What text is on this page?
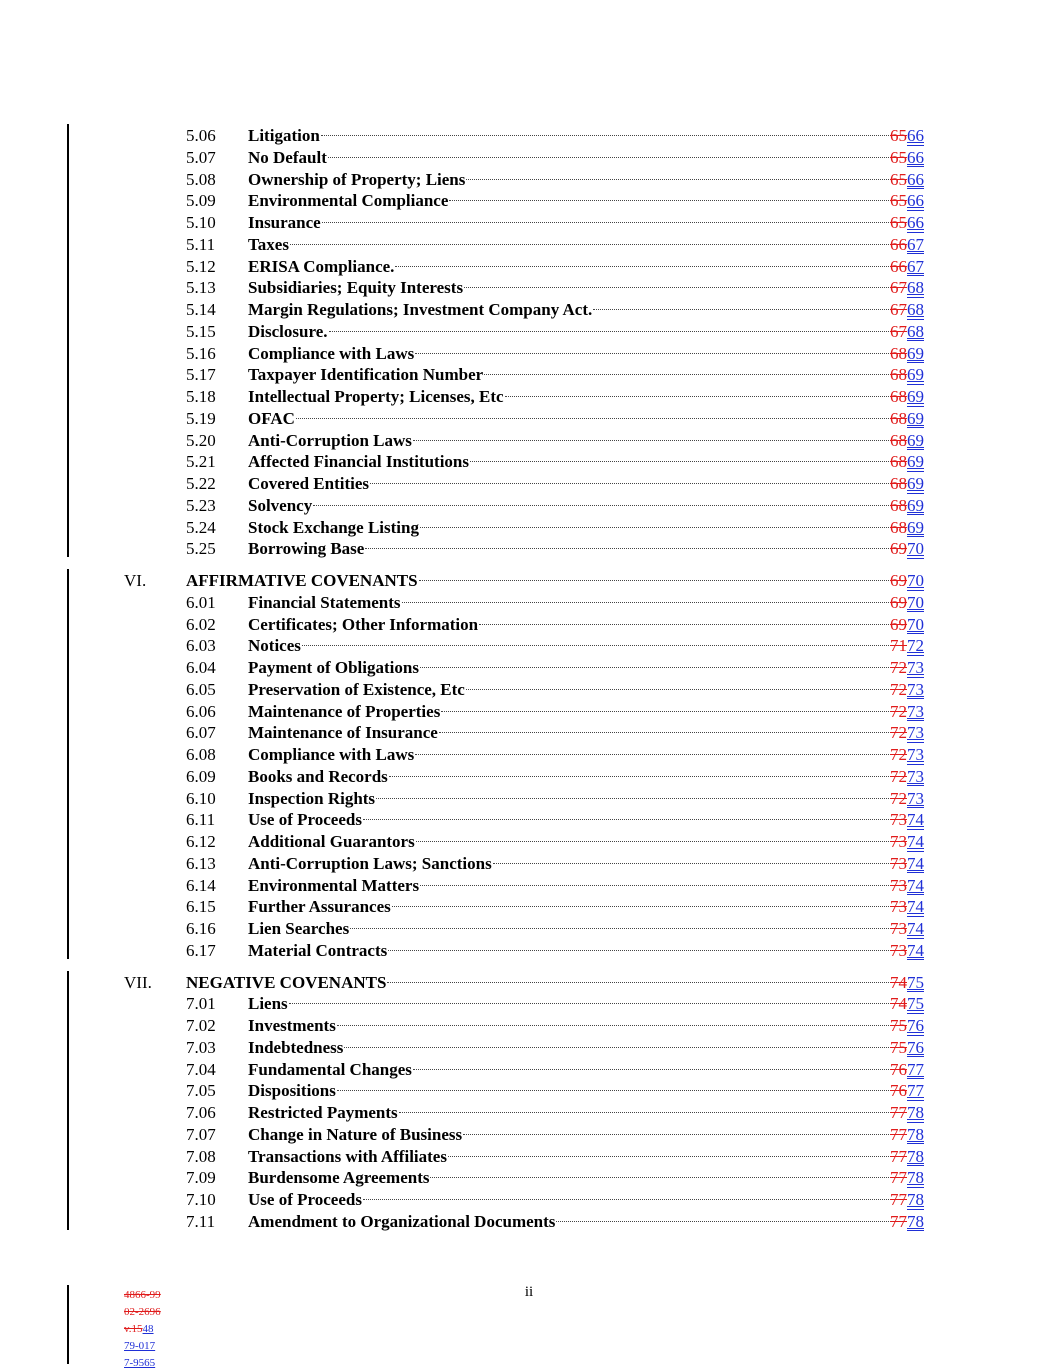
5.06 Litigation	6566
5.07 No Default	6566
5.08 Ownership of Property; Liens	6566
5.09 Environmental Compliance	6566
5.10 Insurance	6566
5.11 Taxes	6667
5.12 ERISA Compliance.	6667
5.13 Subsidiaries; Equity Interests	6768
5.14 Margin Regulations; Investment Company Act.	6768
5.15 Disclosure.	6768
5.16 Compliance with Laws	6869
5.17 Taxpayer Identification Number	6869
5.18 Intellectual Property; Licenses, Etc	6869
5.19 OFAC	6869
5.20 Anti-Corruption Laws	6869
5.21 Affected Financial Institutions	6869
5.22 Covered Entities	6869
5.23 Solvency	6869
5.24 Stock Exchange Listing	6869
5.25 Borrowing Base	6970
VI. AFFIRMATIVE COVENANTS	6970
6.01 Financial Statements	6970
6.02 Certificates; Other Information	6970
6.03 Notices	7172
6.04 Payment of Obligations	7273
6.05 Preservation of Existence, Etc	7273
6.06 Maintenance of Properties	7273
6.07 Maintenance of Insurance	7273
6.08 Compliance with Laws	7273
6.09 Books and Records	7273
6.10 Inspection Rights	7273
6.11 Use of Proceeds	7374
6.12 Additional Guarantors	7374
6.13 Anti-Corruption Laws; Sanctions	7374
6.14 Environmental Matters	7374
6.15 Further Assurances	7374
6.16 Lien Searches	7374
6.17 Material Contracts	7374
VII. NEGATIVE COVENANTS	7475
7.01 Liens	7475
7.02 Investments	7576
7.03 Indebtedness	7576
7.04 Fundamental Changes	7677
7.05 Dispositions	7677
7.06 Restricted Payments	7778
7.07 Change in Nature of Business	7778
7.08 Transactions with Affiliates	7778
7.09 Burdensome Agreements	7778
7.10 Use of Proceeds	7778
7.11 Amendment to Organizational Documents	7778
ii
4866-99
02-2696
v.1548
79-017
7-9565
